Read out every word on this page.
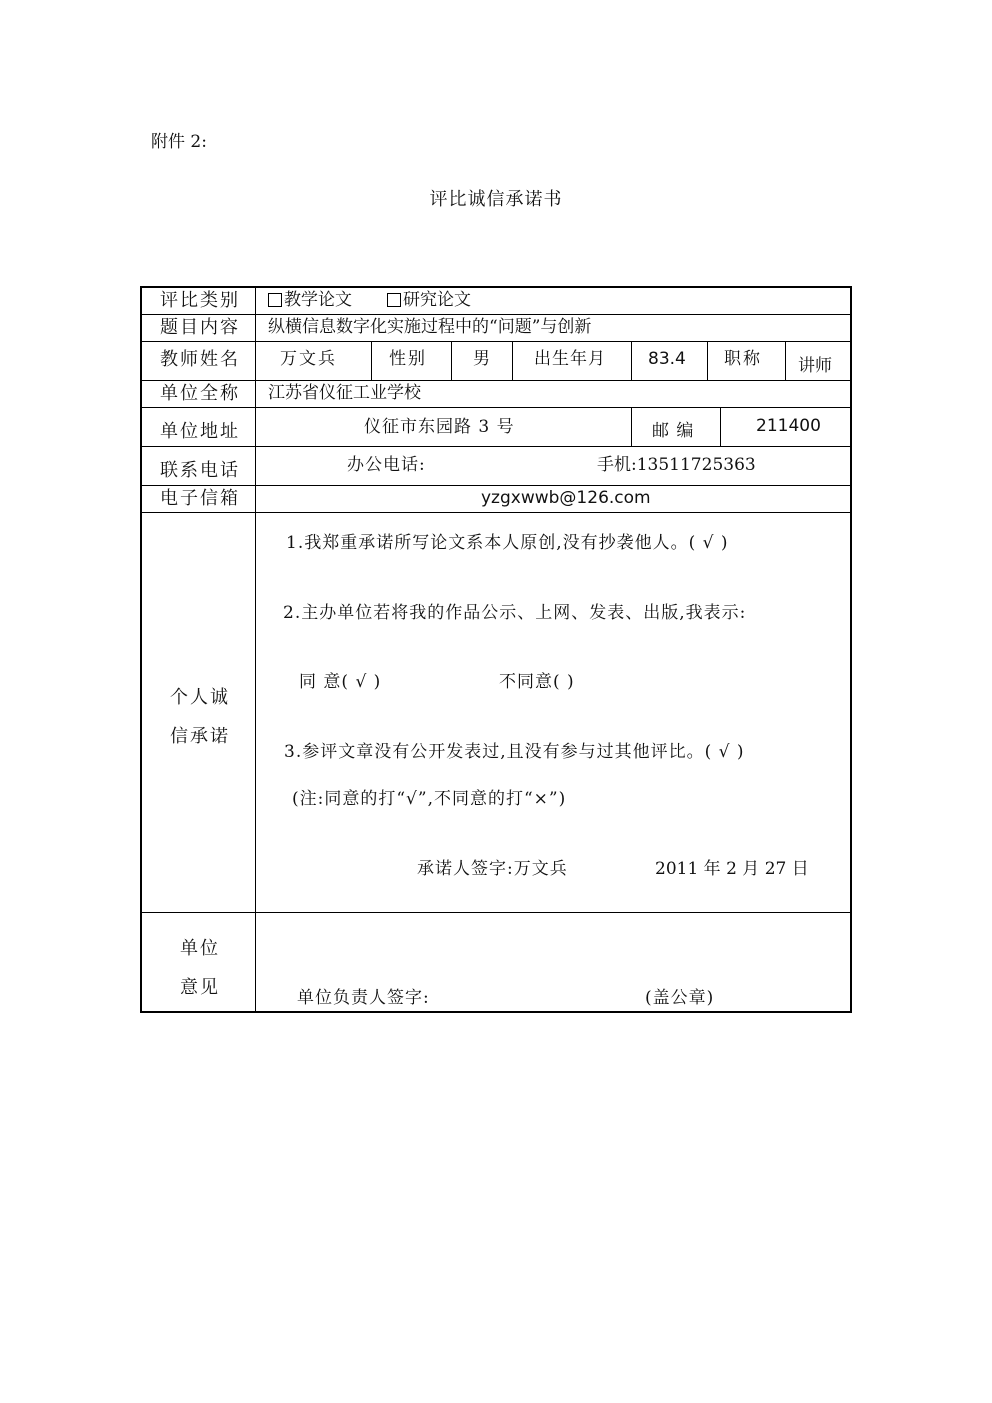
附件 2:
评比诚信承诺书
评比类别	教学论文	研究论文
题目内容 纵横信息数字化实施过程中的“问题”与创新
教师姓名 万文兵	性别	男	出生年月 83.4 职称 讲师
单位全称 江苏省仪征工业学校
单位地址	仪征市东园路 3 号	邮 编	211400
联系电话	办公电话:	手机:13511725363
电子信箱	yzgxwwb@126.com
个人诚
信承诺
1.我郑重承诺所写论文系本人原创,没有抄袭他人。( √ )
2.主办单位若将我的作品公示、上网、发表、出版,我表示:
同 意( √ )	不同意( )
3.参评文章没有公开发表过,且没有参与过其他评比。( √ )
(注:同意的打“√”,不同意的打“×”)
承诺人签字:万文兵	2011 年 2 月 27 日
单位
意见	单位负责人签字:	(盖公章)
